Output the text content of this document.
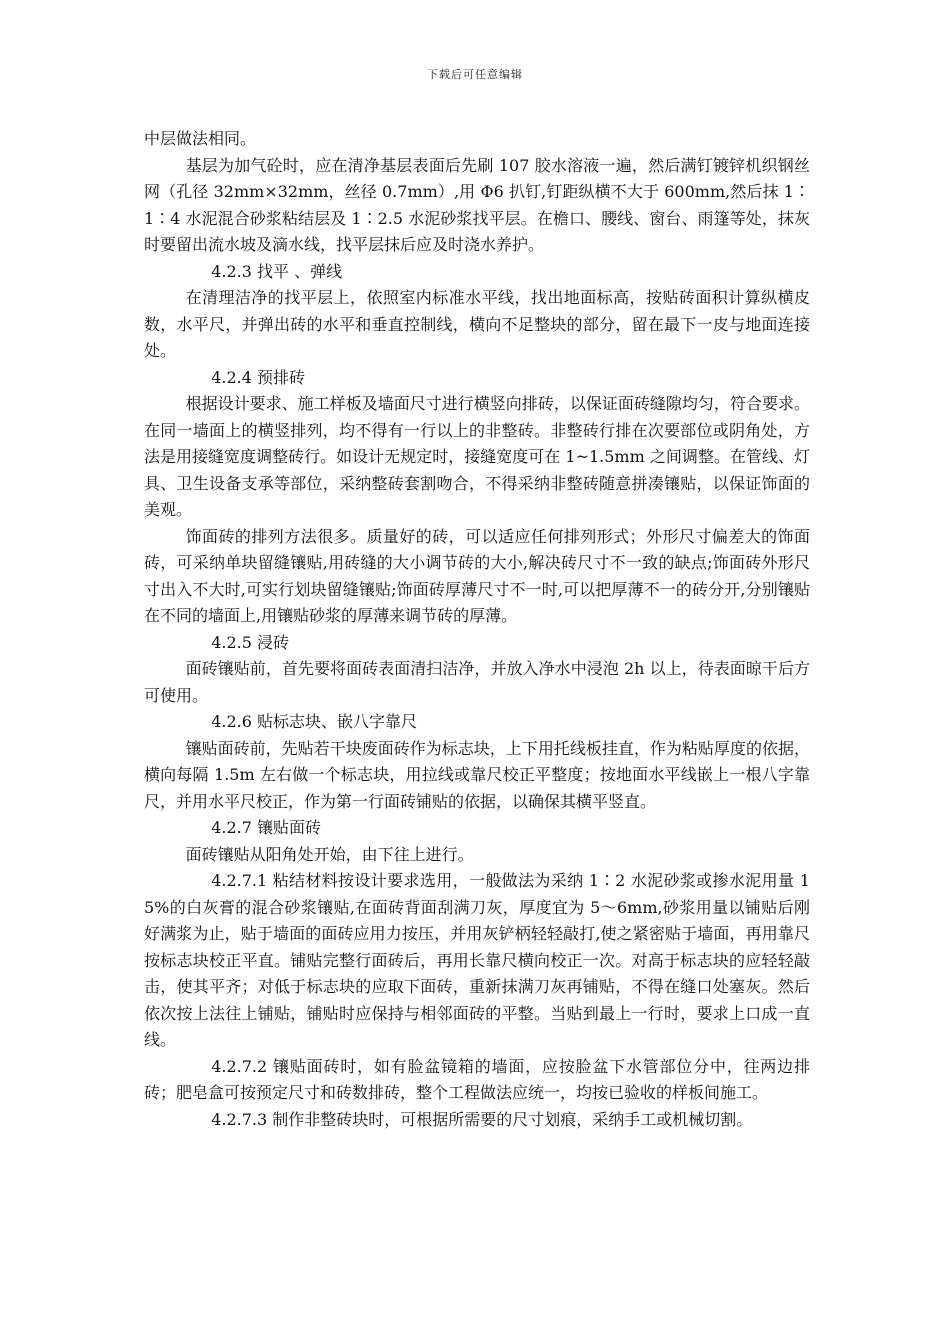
下载后可任意编辑

中层做法相同。

基层为加气砼时，应在清净基层表面后先刷 107 胶水溶液一遍，然后满钉镀锌机织钢丝网（孔径 32mm×32mm，丝径 0.7mm）,用 Φ6 扒钉,钉距纵横不大于 600mm,然后抹 1∶1∶4 水泥混合砂浆粘结层及 1∶2.5 水泥砂浆找平层。在檐口、腰线、窗台、雨篷等处，抹灰时要留出流水坡及滴水线，找平层抹后应及时浇水养护。

4.2.3 找平 、弹线

在清理洁净的找平层上，依照室内标准水平线，找出地面标高，按贴砖面积计算纵横皮数，水平尺，并弹出砖的水平和垂直控制线，横向不足整块的部分，留在最下一皮与地面连接处。

4.2.4 预排砖

根据设计要求、施工样板及墙面尺寸进行横竖向排砖，以保证面砖缝隙均匀，符合要求。在同一墙面上的横竖排列，均不得有一行以上的非整砖。非整砖行排在次要部位或阴角处，方法是用接缝宽度调整砖行。如设计无规定时，接缝宽度可在 1~1.5mm 之间调整。在管线、灯具、卫生设备支承等部位，采纳整砖套割吻合，不得采纳非整砖随意拼凑镶贴，以保证饰面的美观。

饰面砖的排列方法很多。质量好的砖，可以适应任何排列形式；外形尺寸偏差大的饰面砖，可采纳单块留缝镶贴,用砖缝的大小调节砖的大小,解决砖尺寸不一致的缺点;饰面砖外形尺寸出入不大时,可实行划块留缝镶贴;饰面砖厚薄尺寸不一时,可以把厚薄不一的砖分开,分别镶贴在不同的墙面上,用镶贴砂浆的厚薄来调节砖的厚薄。

4.2.5 浸砖

面砖镶贴前，首先要将面砖表面清扫洁净，并放入净水中浸泡 2h 以上，待表面晾干后方可使用。

4.2.6 贴标志块、嵌八字靠尺

镶贴面砖前，先贴若干块废面砖作为标志块，上下用托线板挂直，作为粘贴厚度的依据，横向每隔 1.5m 左右做一个标志块，用拉线或靠尺校正平整度；按地面水平线嵌上一根八字靠尺，并用水平尺校正，作为第一行面砖铺贴的依据，以确保其横平竖直。

4.2.7 镶贴面砖

面砖镶贴从阳角处开始，由下往上进行。

4.2.7.1 粘结材料按设计要求选用，一般做法为采纳 1∶2 水泥砂浆或掺水泥用量 15%的白灰膏的混合砂浆镶贴,在面砖背面刮满刀灰，厚度宜为 5～6mm,砂浆用量以铺贴后刚好满浆为止，贴于墙面的面砖应用力按压，并用灰铲柄轻轻敲打,使之紧密贴于墙面，再用靠尺按标志块校正平直。铺贴完整行面砖后，再用长靠尺横向校正一次。对高于标志块的应轻轻敲击，使其平齐；对低于标志块的应取下面砖，重新抹满刀灰再铺贴，不得在缝口处塞灰。然后依次按上法往上铺贴，铺贴时应保持与相邻面砖的平整。当贴到最上一行时，要求上口成一直线。

4.2.7.2 镶贴面砖时，如有脸盆镜箱的墙面，应按脸盆下水管部位分中，往两边排砖；肥皂盒可按预定尺寸和砖数排砖，整个工程做法应统一，均按已验收的样板间施工。

4.2.7.3 制作非整砖块时，可根据所需要的尺寸划痕，采纳手工或机械切割。
